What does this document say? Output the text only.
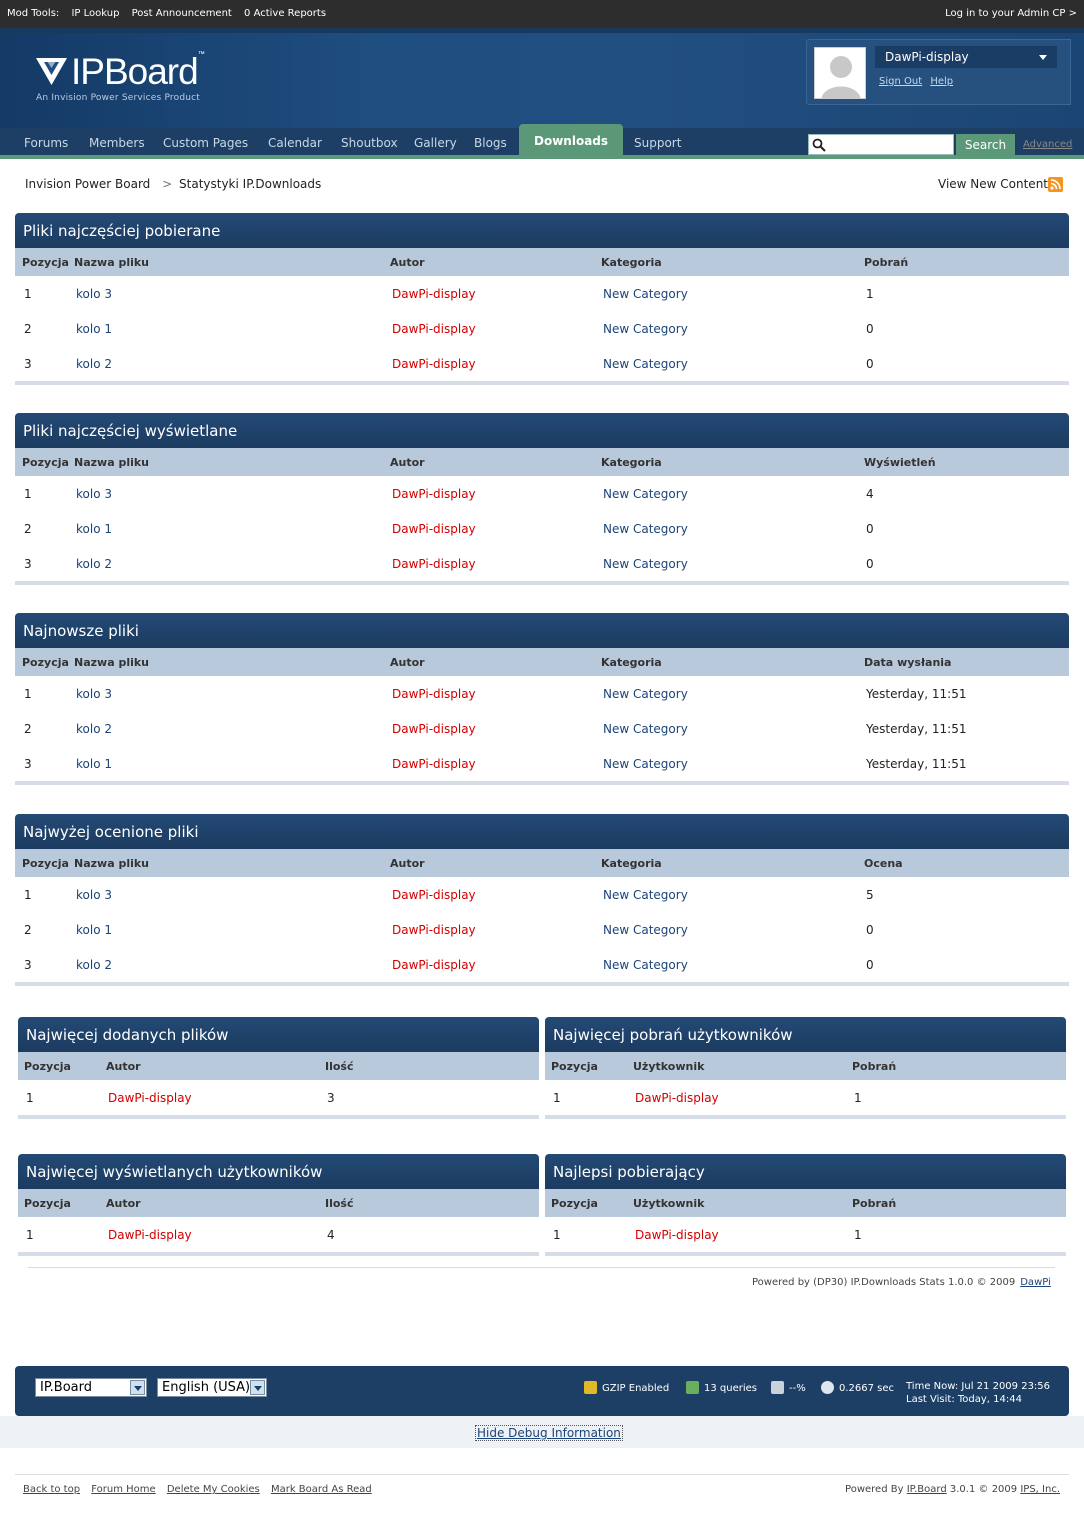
Mod Tools: IP Lookup Post Announcement 0 Active Reports	Log in to your Admin CP >
IPBoard™
An Invision Power Services Product
DawPi-display
Sign Out Help
Forums Members Custom Pages Calendar Shoutbox Gallery Blogs	Downloads	Support	Search	Advanced
Invision Power Board > Statystyki IP.Downloads	View New Content
Pliki najczęściej pobierane
Pozycja Nazwa pliku	Autor	Kategoria	Pobrań
1	kolo 3	DawPi-display	New Category	1
2	kolo 1	DawPi-display	New Category	0
3	kolo 2	DawPi-display	New Category	0
Pliki najczęściej wyświetlane
Pozycja Nazwa pliku	Autor	Kategoria	Wyświetleń
1	kolo 3	DawPi-display	New Category	4
2	kolo 1	DawPi-display	New Category	0
3	kolo 2	DawPi-display	New Category	0
Najnowsze pliki
Pozycja Nazwa pliku	Autor	Kategoria	Data wysłania
1	kolo 3	DawPi-display	New Category	Yesterday, 11:51
2	kolo 2	DawPi-display	New Category	Yesterday, 11:51
3	kolo 1	DawPi-display	New Category	Yesterday, 11:51
Najwyżej ocenione pliki
Pozycja Nazwa pliku	Autor	Kategoria	Ocena
1	kolo 3	DawPi-display	New Category	5
2	kolo 1	DawPi-display	New Category	0
3	kolo 2	DawPi-display	New Category	0
Najwięcej dodanych plików
Pozycja	Autor	Ilość
1	DawPi-display	3
Najwięcej pobrań użytkowników
Pozycja	Użytkownik	Pobrań
1	DawPi-display	1
Najwięcej wyświetlanych użytkowników
Pozycja	Autor	Ilość
1	DawPi-display	4
Najlepsi pobierający
Pozycja	Użytkownik	Pobrań
1	DawPi-display	1
Powered by (DP30) IP.Downloads Stats 1.0.0 © 2009 DawPi
IP.Board	English (USA)	GZIP Enabled	13 queries	--%	0.2667 sec Time Now: Jul 21 2009 23:56
Last Visit: Today, 14:44
Hide Debug Information
Back to top Forum Home Delete My Cookies Mark Board As Read	Powered By IP.Board 3.0.1 © 2009 IPS, Inc.
